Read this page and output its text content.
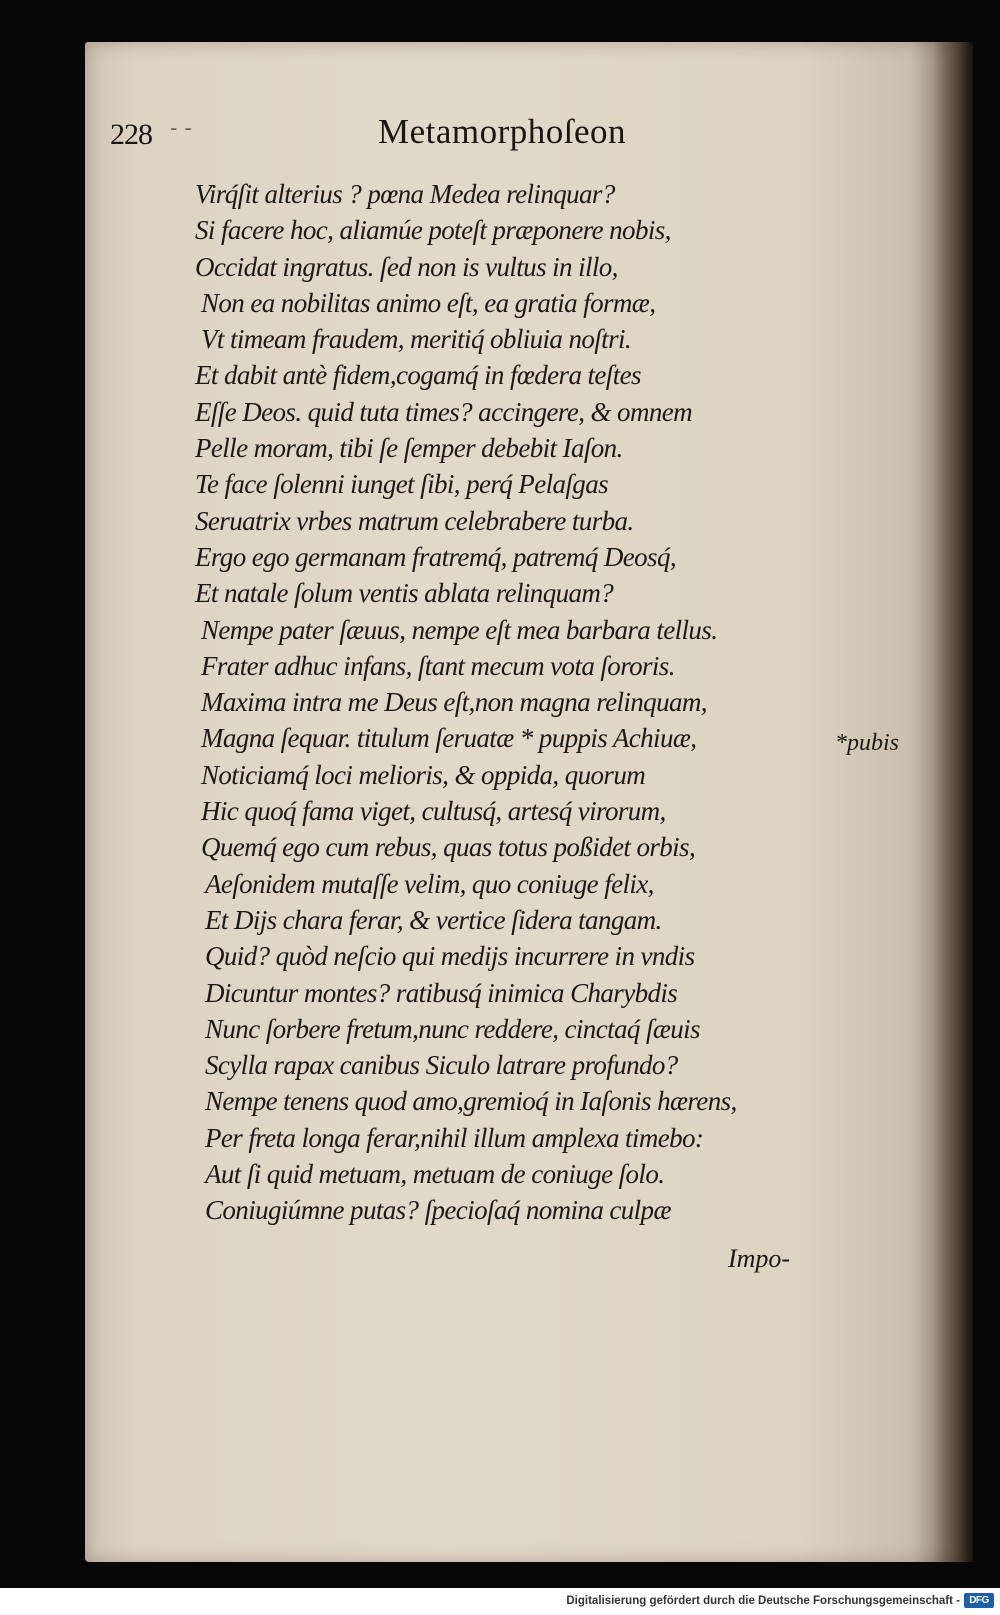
228 - -	Metamorphoſeon
Virq́ſit alterius ? pœna Medea relinquar?
Si facere hoc, aliamúe poteſt præponere nobis,
Occidat ingratus. ſed non is vultus in illo,
Non ea nobilitas animo eſt, ea gratia formæ,
Vt timeam fraudem, meritiq́ obliuia noſtri.
Et dabit antè fidem,cogamq́ in fœdera teſtes
Eſſe Deos. quid tuta times? accingere, & omnem
Pelle moram, tibi ſe ſemper debebit Iaſon.
Te face ſolenni iunget ſibi, perq́ Pelaſgas
Seruatrix vrbes matrum celebrabere turba.
Ergo ego germanam fratremq́, patremq́ Deosq́,
Et natale ſolum ventis ablata relinquam?
Nempe pater ſæuus, nempe eſt mea barbara tellus.
Frater adhuc infans, ſtant mecum vota ſororis.
Maxima intra me Deus eſt,non magna relinquam,
Magna ſequar. titulum ſeruatæ * puppis Achiuæ,
Noticiamq́ loci melioris, & oppida, quorum
Hic quoq́ fama viget, cultusq́, artesq́ virorum,
Quemq́ ego cum rebus, quas totus poßidet orbis,
Aeſonidem mutaſſe velim, quo coniuge felix,
Et Dijs chara ferar, & vertice ſidera tangam.
Quid? quòd neſcio qui medijs incurrere in vndis
Dicuntur montes? ratibusq́ inimica Charybdis
Nunc ſorbere fretum,nunc reddere, cinctaq́ ſæuis
Scylla rapax canibus Siculo latrare profundo?
Nempe tenens quod amo,gremioq́ in Iaſonis hærens,
Per freta longa ferar,nihil illum amplexa timebo:
Aut ſi quid metuam, metuam de coniuge ſolo.
Coniugiúmne putas? ſpecioſaq́ nomina culpæ
*pubis
Impo-
Digitalisierung gefördert durch die Deutsche Forschungsgemeinschaft - DFG
